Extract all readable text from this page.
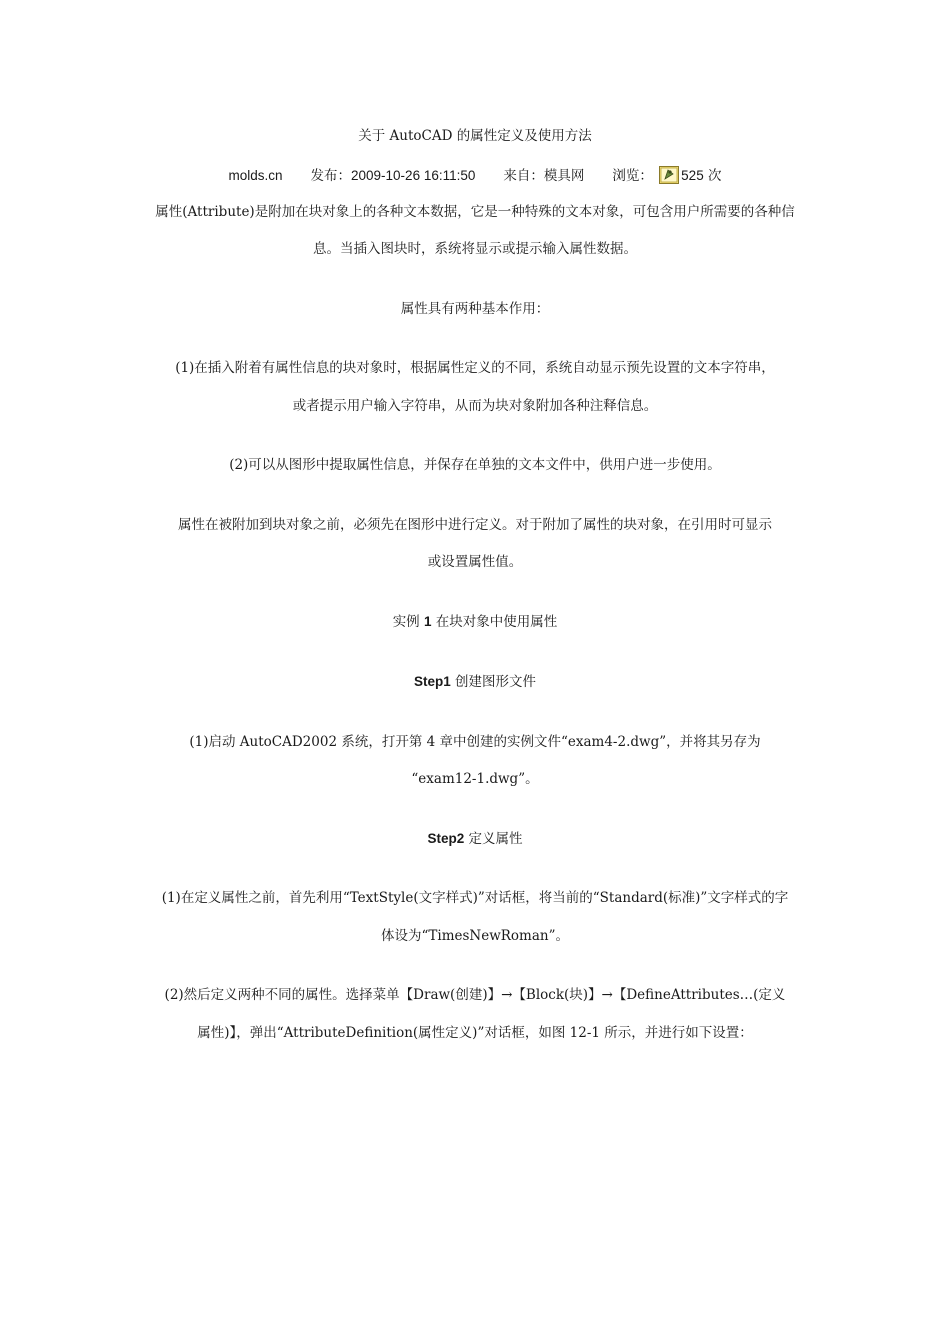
关于 AutoCAD 的属性定义及使用方法
molds.cn 发布：2009-10-26 16:11:50 来自：模具网 浏览： 525 次
属性(Attribute)是附加在块对象上的各种文本数据，它是一种特殊的文本对象，可包含用户所需要的各种信
息。当插入图块时，系统将显示或提示输入属性数据。
属性具有两种基本作用：
(1)在插入附着有属性信息的块对象时，根据属性定义的不同，系统自动显示预先设置的文本字符串，
或者提示用户输入字符串，从而为块对象附加各种注释信息。
(2)可以从图形中提取属性信息，并保存在单独的文本文件中，供用户进一步使用。
属性在被附加到块对象之前，必须先在图形中进行定义。对于附加了属性的块对象，在引用时可显示
或设置属性值。
实例 1 在块对象中使用属性
Step1 创建图形文件
(1)启动 AutoCAD2002 系统，打开第 4 章中创建的实例文件“exam4-2.dwg”，并将其另存为
“exam12-1.dwg”。
Step2 定义属性
(1)在定义属性之前，首先利用“TextStyle(文字样式)”对话框，将当前的“Standard(标准)”文字样式的字
体设为“TimesNewRoman”。
(2)然后定义两种不同的属性。选择菜单【Draw(创建)】→【Block(块)】→【DefineAttributes…(定义
属性)】，弹出“AttributeDefinition(属性定义)”对话框，如图 12-1 所示，并进行如下设置：
